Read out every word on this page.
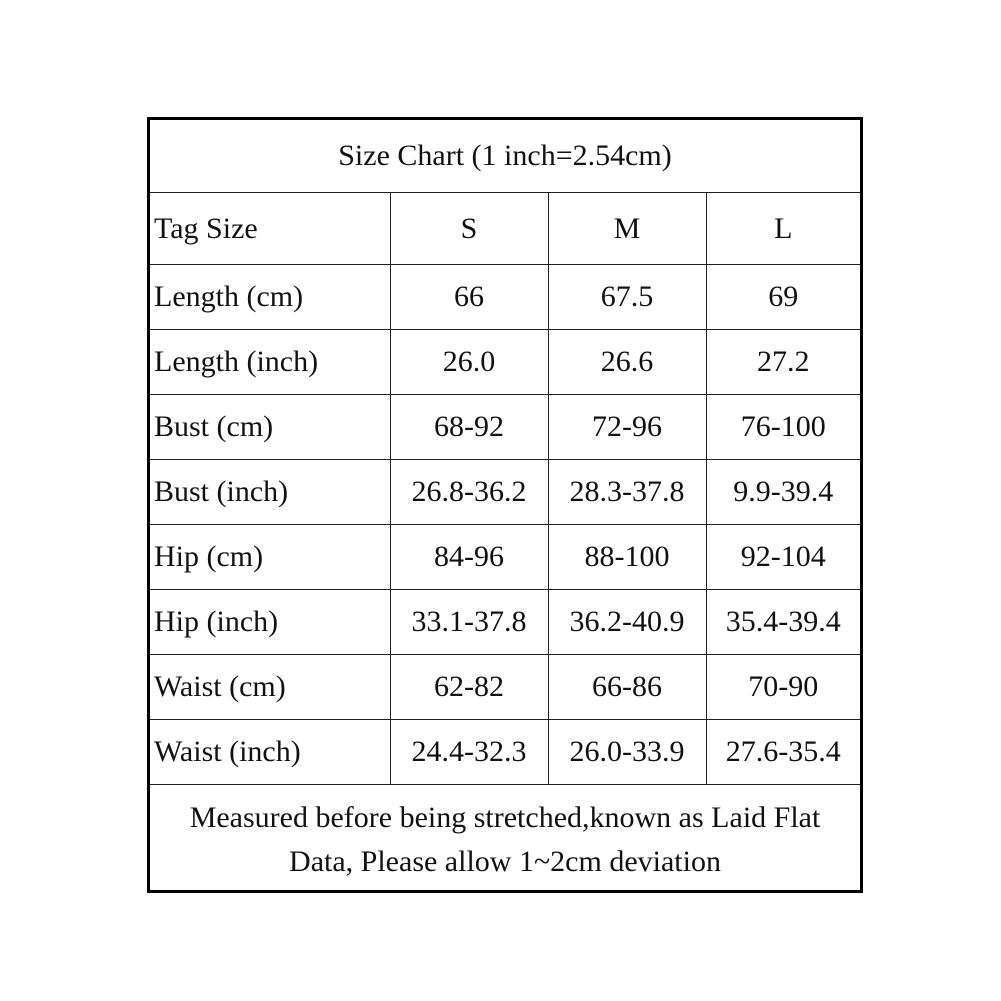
Size Chart (1 inch=2.54cm)			
Tag Size	S	M	L
Length (cm)	66	67.5	69
Length (inch)	26.0	26.6	27.2
Bust (cm)	68-92	72-96	76-100
Bust (inch)	26.8-36.2	28.3-37.8	9.9-39.4
Hip (cm)	84-96	88-100	92-104
Hip (inch)	33.1-37.8	36.2-40.9	35.4-39.4
Waist (cm)	62-82	66-86	70-90
Waist (inch)	24.4-32.3	26.0-33.9	27.6-35.4

Measured before being stretched,known as Laid Flat
Data, Please allow 1~2cm deviation			
